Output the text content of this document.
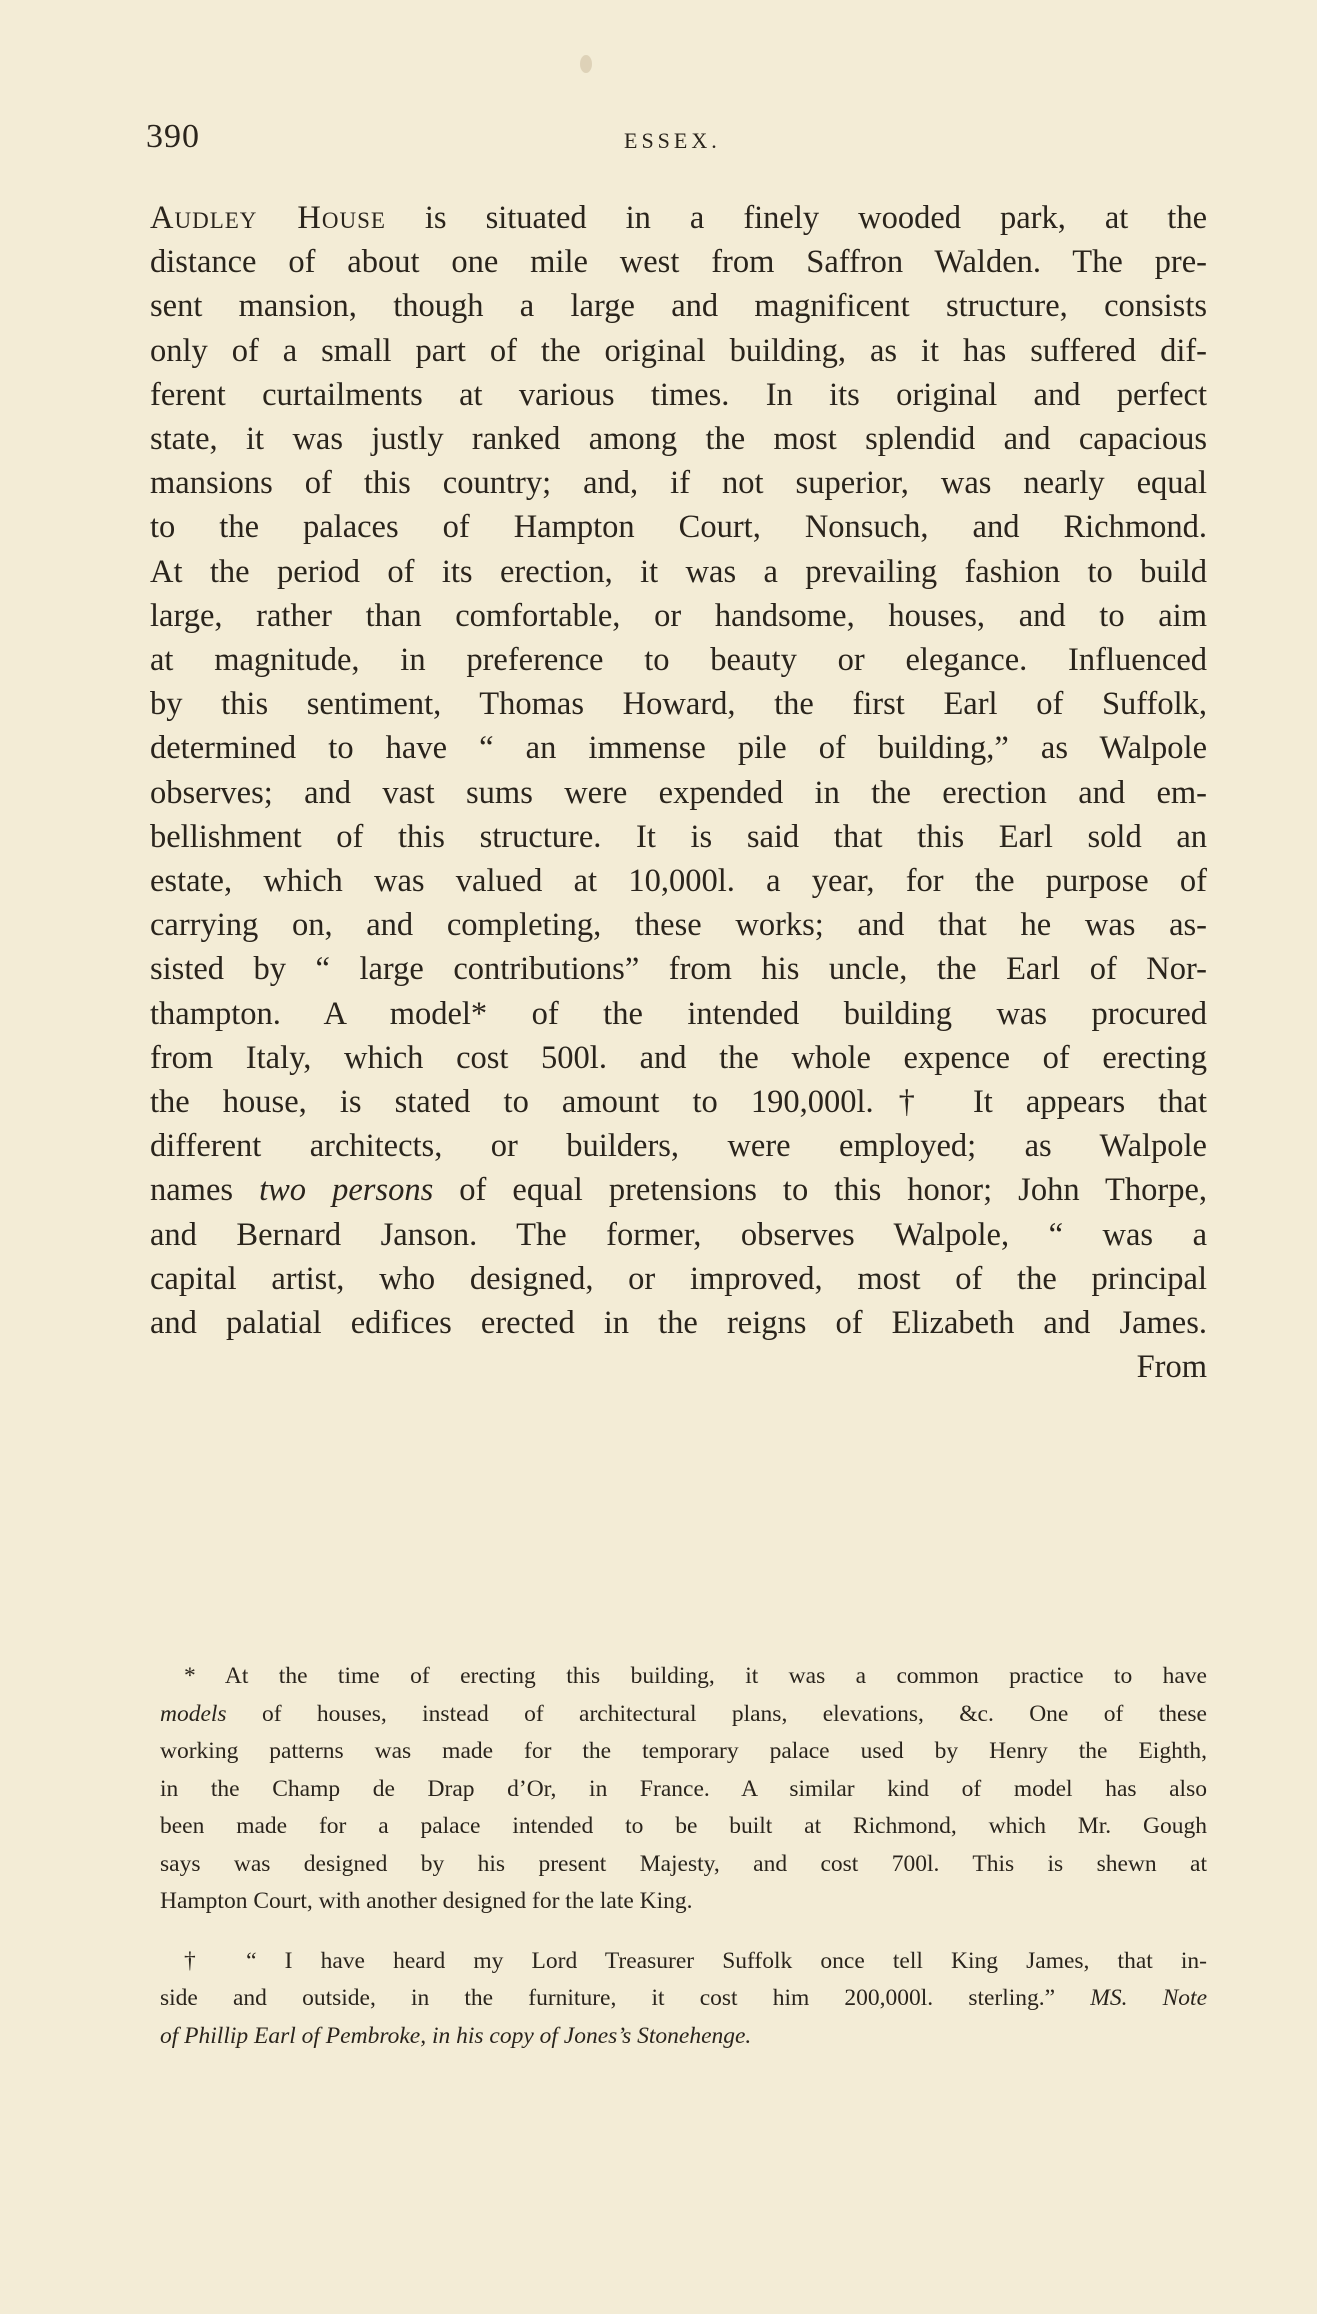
390	ESSEX.
Audley House is situated in a finely wooded park, at the
distance of about one mile west from Saffron Walden. The pre-
sent mansion, though a large and magnificent structure, consists
only of a small part of the original building, as it has suffered dif-
ferent curtailments at various times. In its original and perfect
state, it was justly ranked among the most splendid and capacious
mansions of this country; and, if not superior, was nearly equal
to the palaces of Hampton Court, Nonsuch, and Richmond.
At the period of its erection, it was a prevailing fashion to build
large, rather than comfortable, or handsome, houses, and to aim
at magnitude, in preference to beauty or elegance. Influenced
by this sentiment, Thomas Howard, the first Earl of Suffolk,
determined to have “ an immense pile of building,” as Walpole
observes; and vast sums were expended in the erection and em-
bellishment of this structure. It is said that this Earl sold an
estate, which was valued at 10,000l. a year, for the purpose of
carrying on, and completing, these works; and that he was as-
sisted by “ large contributions” from his uncle, the Earl of Nor-
thampton. A model* of the intended building was procured
from Italy, which cost 500l. and the whole expence of erecting
the house, is stated to amount to 190,000l.† It appears that
different architects, or builders, were employed; as Walpole
names two persons of equal pretensions to this honor; John Thorpe,
and Bernard Janson. The former, observes Walpole, “ was a
capital artist, who designed, or improved, most of the principal
and palatial edifices erected in the reigns of Elizabeth and James.
From
* At the time of erecting this building, it was a common practice to have
models of houses, instead of architectural plans, elevations, &c. One of these
working patterns was made for the temporary palace used by Henry the Eighth,
in the Champ de Drap d’Or, in France. A similar kind of model has also
been made for a palace intended to be built at Richmond, which Mr. Gough
says was designed by his present Majesty, and cost 700l. This is shewn at
Hampton Court, with another designed for the late King.
† “ I have heard my Lord Treasurer Suffolk once tell King James, that in-
side and outside, in the furniture, it cost him 200,000l. sterling.” MS. Note
of Phillip Earl of Pembroke, in his copy of Jones’s Stonehenge.
